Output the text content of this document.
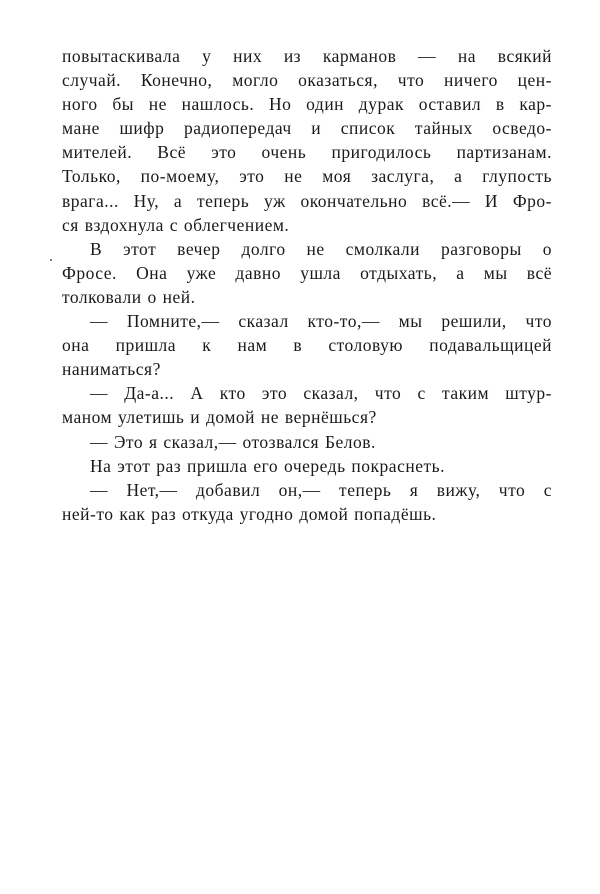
повытаскивала у них из карманов — на всякий
случай. Конечно, могло оказаться, что ничего цен-
ного бы не нашлось. Но один дурак оставил в кар-
мане шифр радиопередач и список тайных осведо-
мителей. Всё это очень пригодилось партизанам.
Только, по-моему, это не моя заслуга, а глупость
врага... Ну, а теперь уж окончательно всё.— И Фро-
ся вздохнула с облегчением.

В этот вечер долго не смолкали разговоры о
Фросе. Она уже давно ушла отдыхать, а мы всё
толковали о ней.

— Помните,— сказал кто-то,— мы решили, что
она пришла к нам в столовую подавальщицей
наниматься?

— Да-а... А кто это сказал, что с таким штур-
маном улетишь и домой не вернёшься?

— Это я сказал,— отозвался Белов.

На этот раз пришла его очередь покраснеть.

— Нет,— добавил он,— теперь я вижу, что с
ней-то как раз откуда угодно домой попадёшь.
